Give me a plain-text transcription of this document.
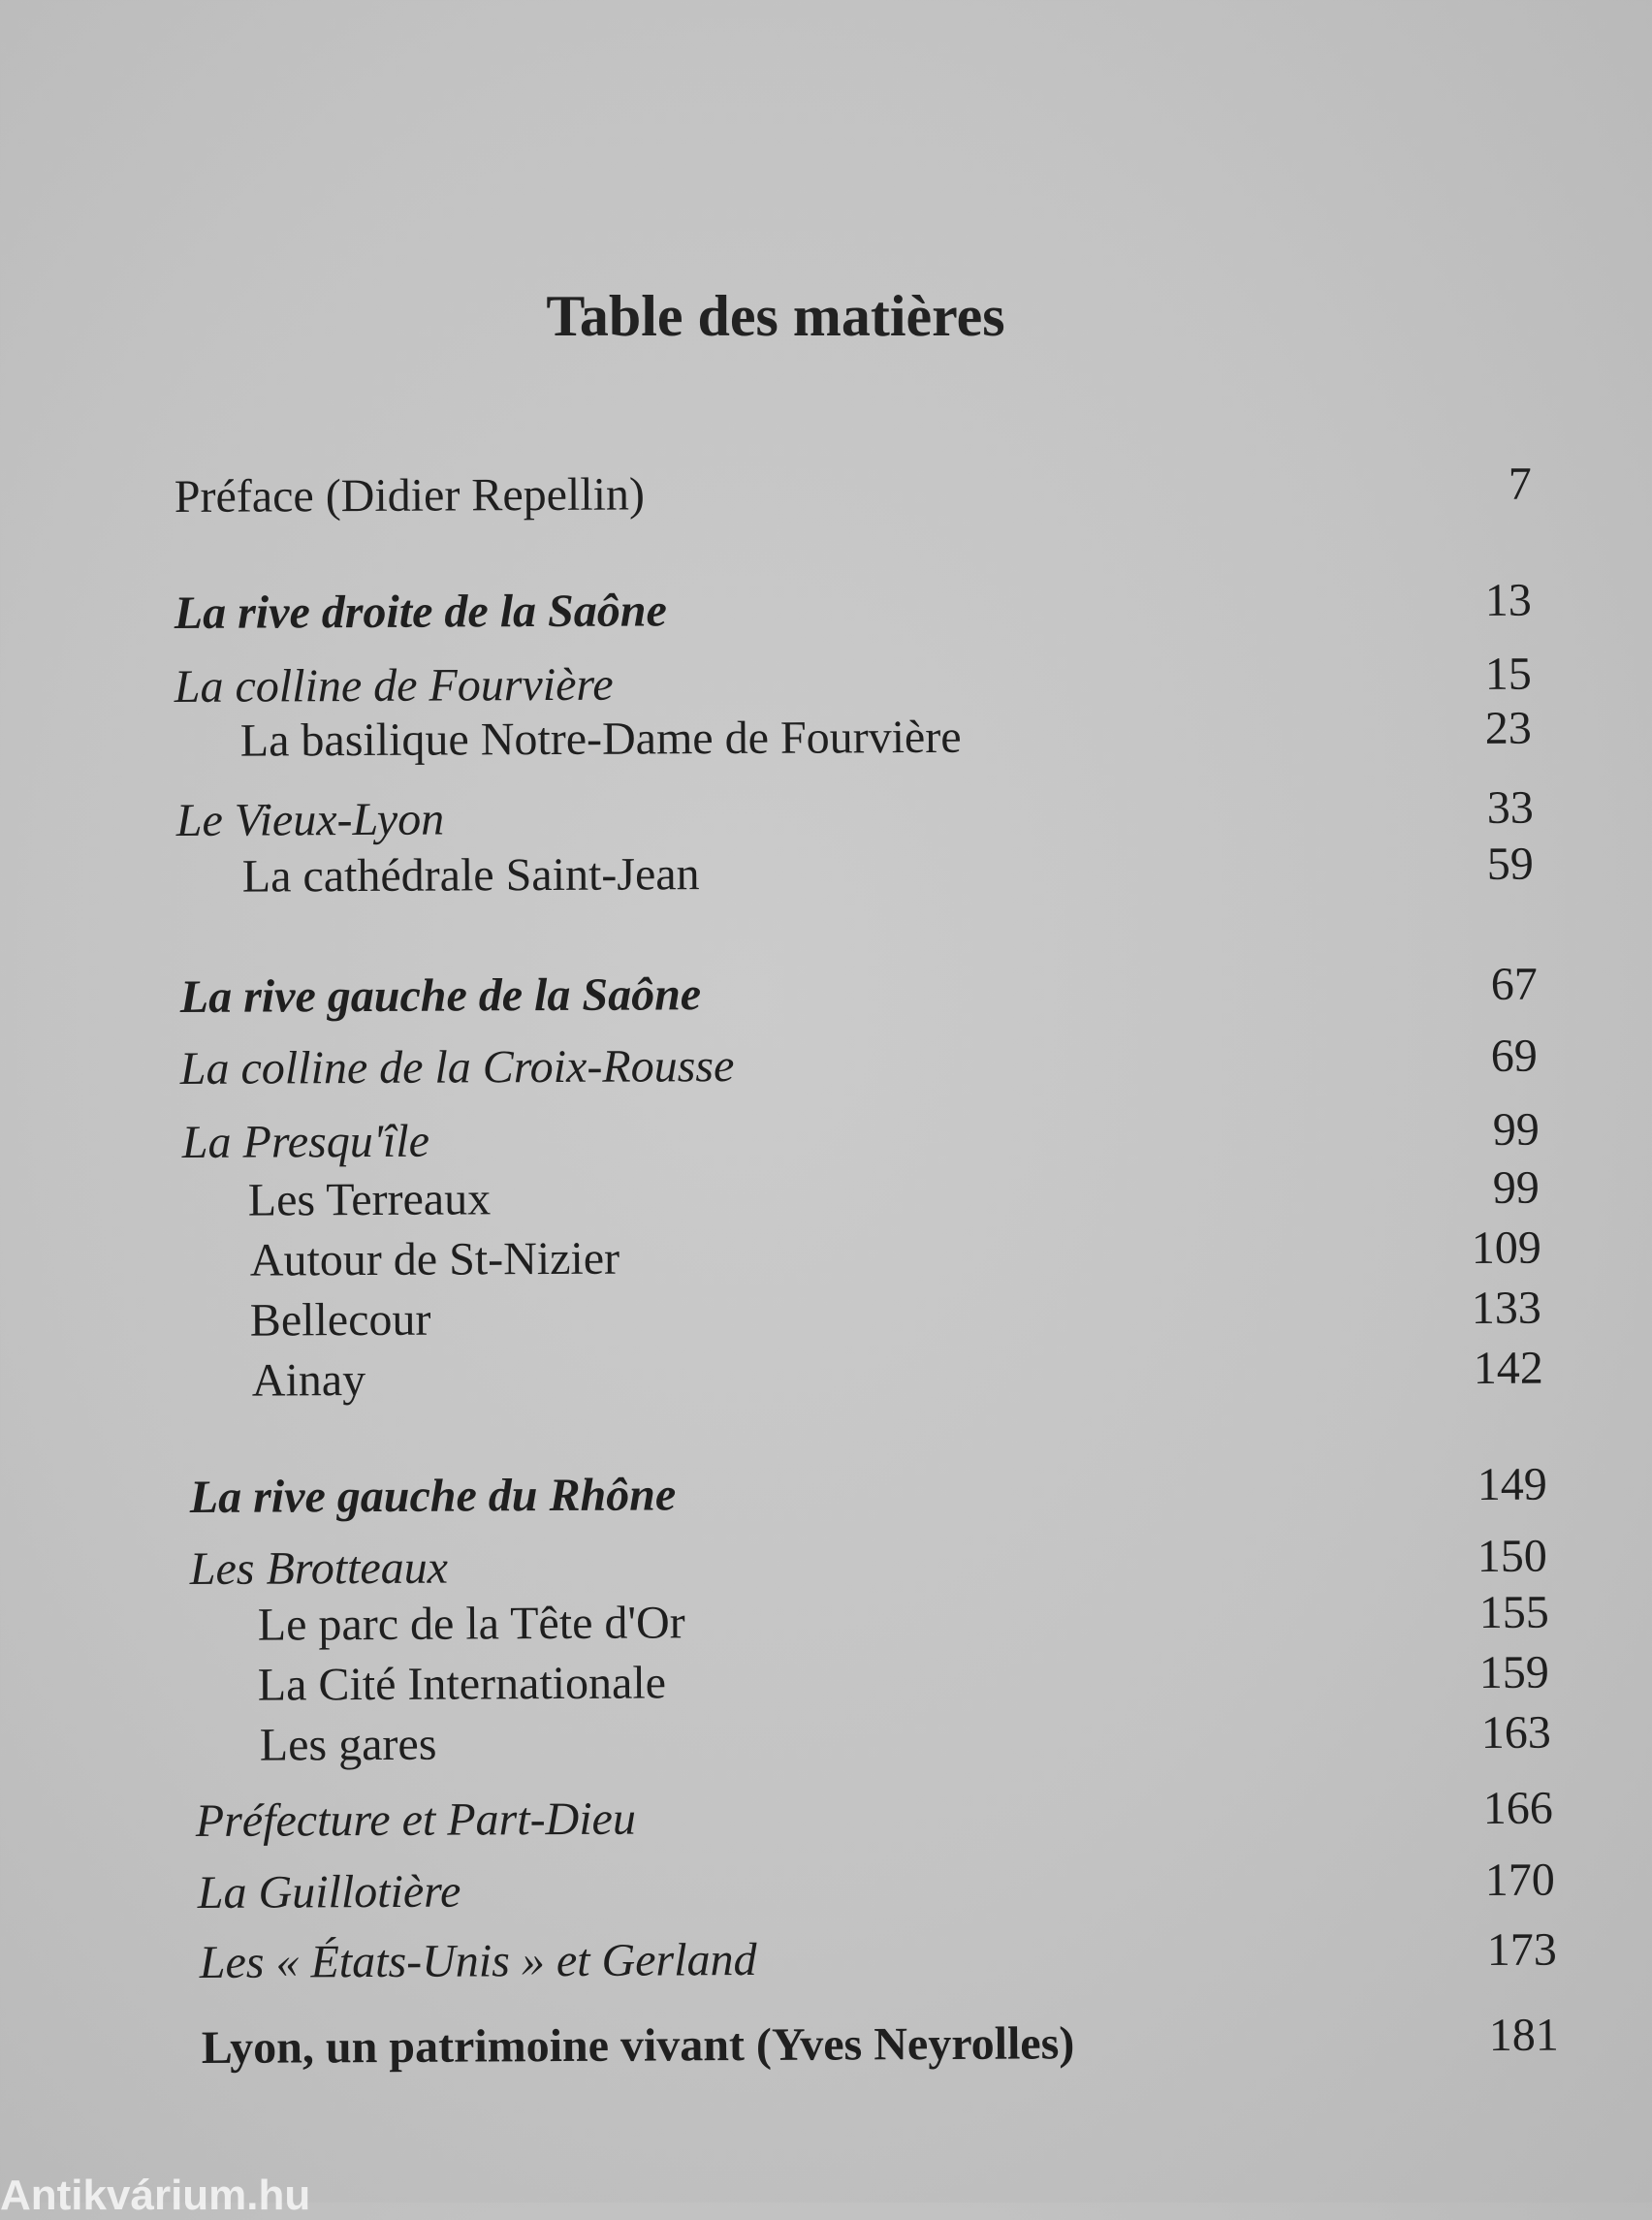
Table des matières
Préface (Didier Repellin)	7
La rive droite de la Saône	13
La colline de Fourvière	15
La basilique Notre-Dame de Fourvière	23
Le Vieux-Lyon	33
La cathédrale Saint-Jean	59
La rive gauche de la Saône	67
La colline de la Croix-Rousse	69
La Presqu'île	99
Les Terreaux	99
Autour de St-Nizier	109
Bellecour	133
Ainay	142
La rive gauche du Rhône	149
Les Brotteaux	150
Le parc de la Tête d'Or	155
La Cité Internationale	159
Les gares	163
Préfecture et Part-Dieu	166
La Guillotière	170
Les « États-Unis » et Gerland	173
Lyon, un patrimoine vivant (Yves Neyrolles)	181
Antikvárium.hu
